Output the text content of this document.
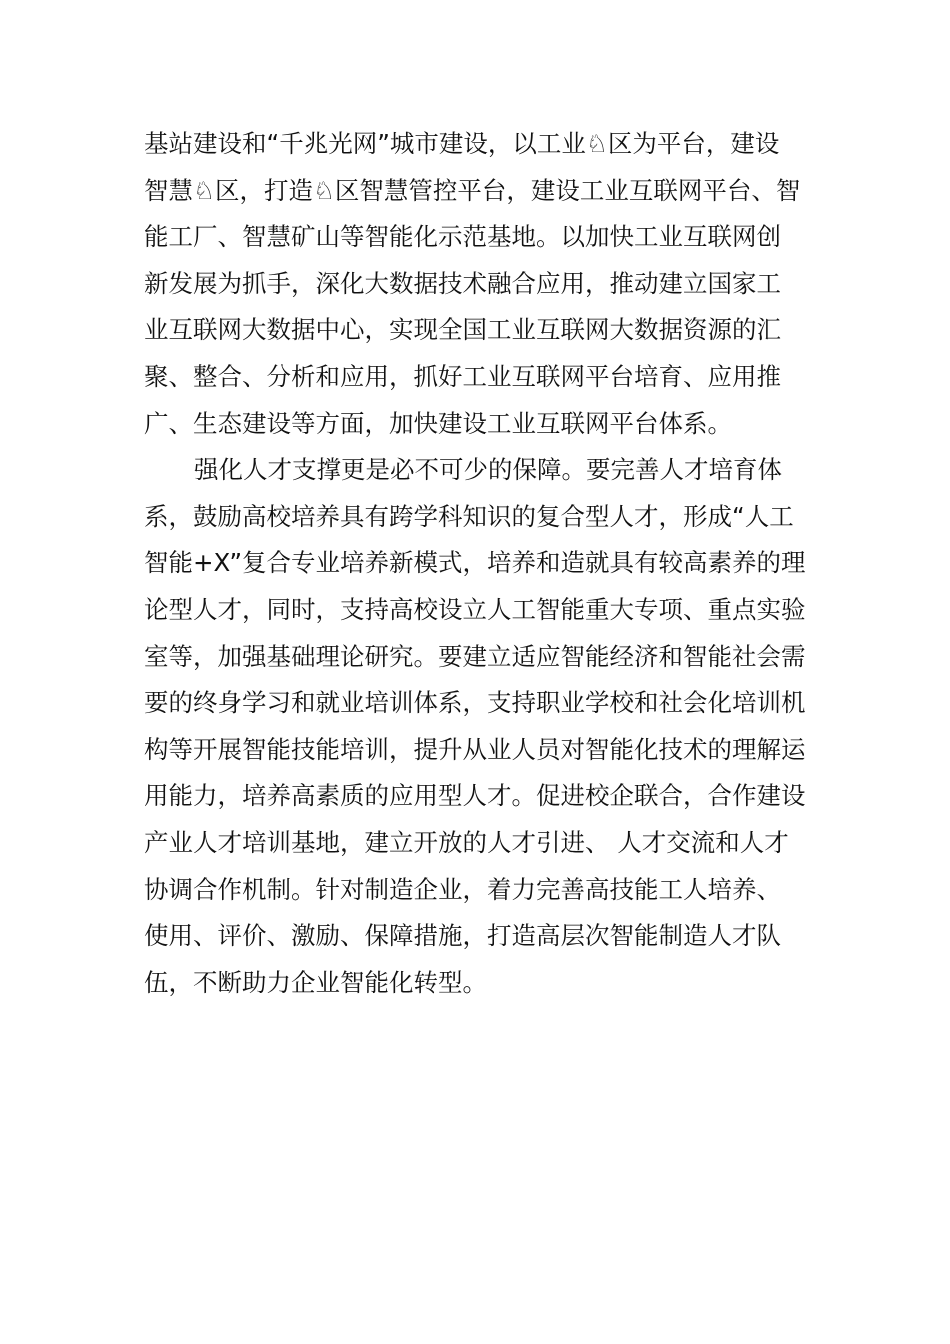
基站建设和“千兆光网”城市建设，以工业♘区为平台，建设
智慧♘区，打造♘区智慧管控平台，建设工业互联网平台、智
能工厂、智慧矿山等智能化示范基地。以加快工业互联网创
新发展为抓手，深化大数据技术融合应用，推动建立国家工
业互联网大数据中心，实现全国工业互联网大数据资源的汇
聚、整合、分析和应用，抓好工业互联网平台培育、应用推
广、生态建设等方面，加快建设工业互联网平台体系。
强化人才支撑更是必不可少的保障。要完善人才培育体
系，鼓励高校培养具有跨学科知识的复合型人才，形成“人工
智能+X”复合专业培养新模式，培养和造就具有较高素养的理
论型人才，同时，支持高校设立人工智能重大专项、重点实验
室等，加强基础理论研究。要建立适应智能经济和智能社会需
要的终身学习和就业培训体系，支持职业学校和社会化培训机
构等开展智能技能培训，提升从业人员对智能化技术的理解运
用能力，培养高素质的应用型人才。促进校企联合，合作建设
产业人才培训基地，建立开放的人才引进、 人才交流和人才
协调合作机制。针对制造企业，着力完善高技能工人培养、
使用、评价、激励、保障措施，打造高层次智能制造人才队
伍，不断助力企业智能化转型。
